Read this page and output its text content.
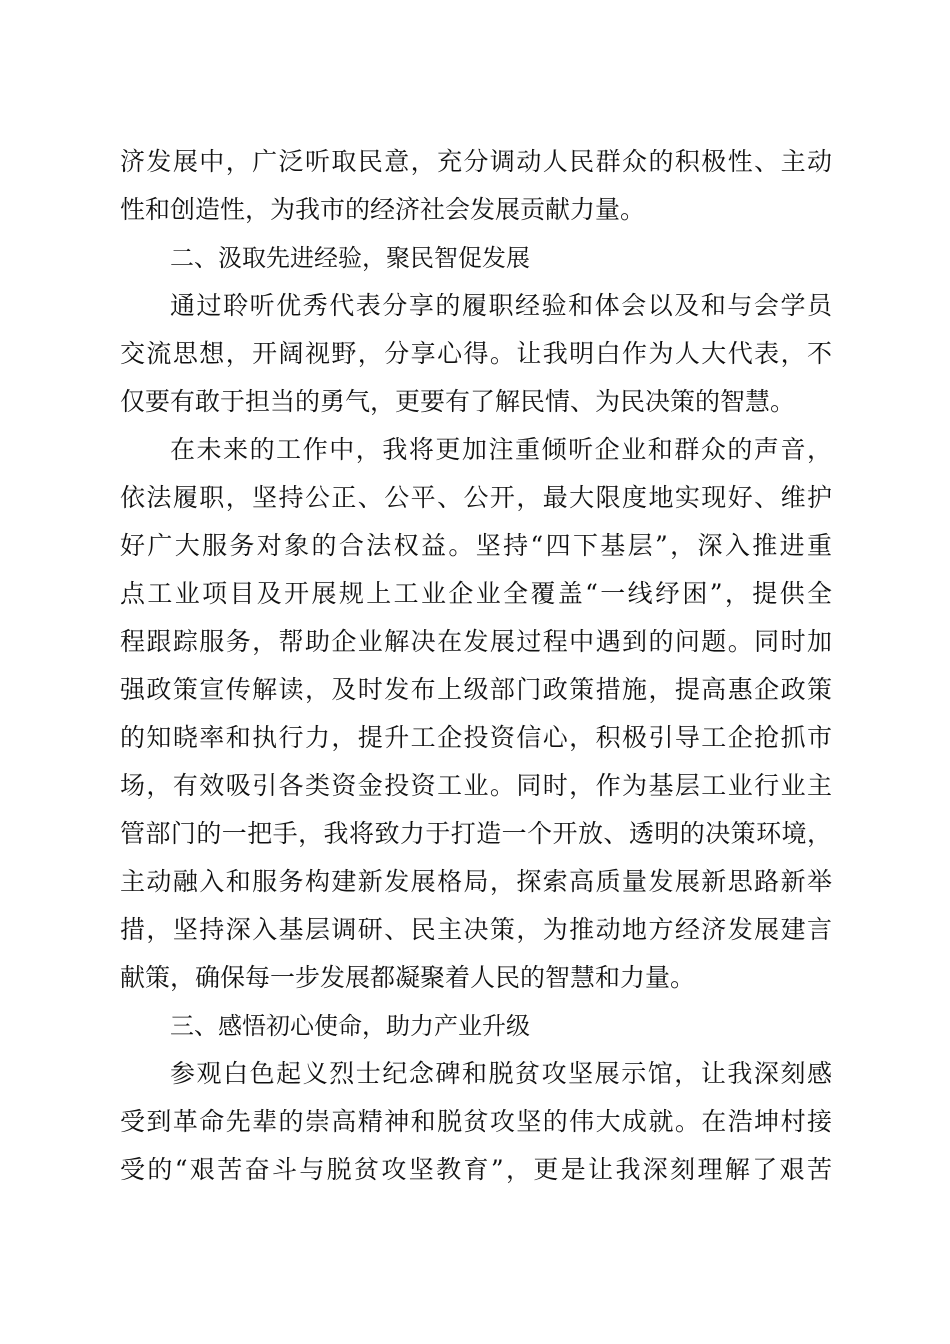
济发展中，广泛听取民意，充分调动人民群众的积极性、主动
性和创造性，为我市的经济社会发展贡献力量。
二、汲取先进经验，聚民智促发展
通过聆听优秀代表分享的履职经验和体会以及和与会学员
交流思想，开阔视野，分享心得。让我明白作为人大代表，不
仅要有敢于担当的勇气，更要有了解民情、为民决策的智慧。
在未来的工作中，我将更加注重倾听企业和群众的声音，
依法履职，坚持公正、公平、公开，最大限度地实现好、维护
好广大服务对象的合法权益。坚持“四下基层”，深入推进重
点工业项目及开展规上工业企业全覆盖“一线纾困”，提供全
程跟踪服务，帮助企业解决在发展过程中遇到的问题。同时加
强政策宣传解读，及时发布上级部门政策措施，提高惠企政策
的知晓率和执行力，提升工企投资信心，积极引导工企抢抓市
场，有效吸引各类资金投资工业。同时，作为基层工业行业主
管部门的一把手，我将致力于打造一个开放、透明的决策环境，
主动融入和服务构建新发展格局，探索高质量发展新思路新举
措，坚持深入基层调研、民主决策，为推动地方经济发展建言
献策，确保每一步发展都凝聚着人民的智慧和力量。
三、感悟初心使命，助力产业升级
参观白色起义烈士纪念碑和脱贫攻坚展示馆，让我深刻感
受到革命先辈的崇高精神和脱贫攻坚的伟大成就。在浩坤村接
受的“艰苦奋斗与脱贫攻坚教育”，更是让我深刻理解了艰苦
